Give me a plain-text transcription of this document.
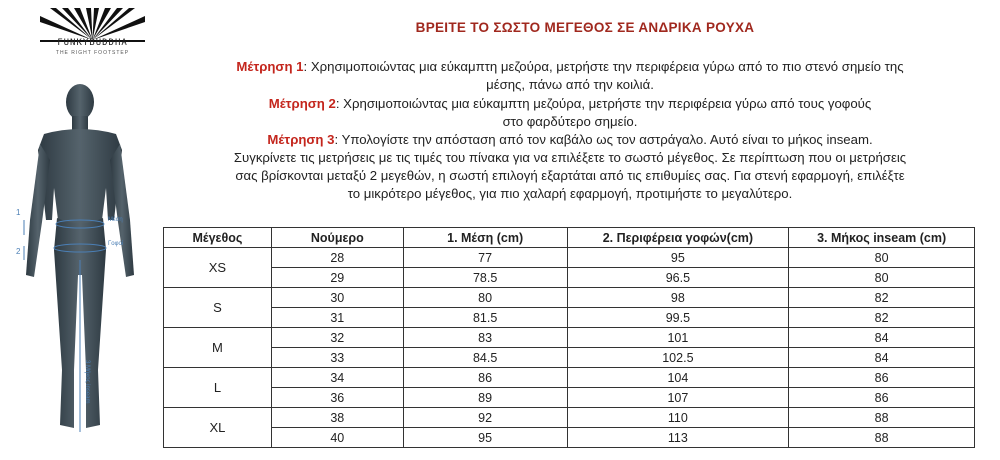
FUNKYBUDDHA
THE RIGHT FOOTSTEP
1
2
Μέση
Γοφοί
3 Μήκος inseam
ΒΡΕΙΤΕ ΤΟ ΣΩΣΤΟ ΜΕΓΕΘΟΣ ΣΕ ΑΝΔΡΙΚΑ ΡΟΥΧΑ
Μέτρηση 1: Χρησιμοποιώντας μια εύκαμπτη μεζούρα, μετρήστε την περιφέρεια γύρω από το πιο στενό σημείο της
μέσης, πάνω από την κοιλιά.
Μέτρηση 2: Χρησιμοποιώντας μια εύκαμπτη μεζούρα, μετρήστε την περιφέρεια γύρω από τους γοφούς
στο φαρδύτερο σημείο.
Μέτρηση 3: Υπολογίστε την απόσταση από τον καβάλο ως τον αστράγαλο. Αυτό είναι το μήκος inseam.
Συγκρίνετε τις μετρήσεις με τις τιμές του πίνακα για να επιλέξετε το σωστό μέγεθος. Σε περίπτωση που οι μετρήσεις
σας βρίσκονται μεταξύ 2 μεγεθών, η σωστή επιλογή εξαρτάται από τις επιθυμίες σας. Για στενή εφαρμογή, επιλέξτε
το μικρότερο μέγεθος, για πιο χαλαρή εφαρμογή, προτιμήστε το μεγαλύτερο.
Μέγεθος	Νούμερο	1. Μέση (cm)	2. Περιφέρεια γοφών(cm)	3. Μήκος inseam (cm)
XS	28	77	95	80
	29	78.5	96.5	80
S	30	80	98	82
	31	81.5	99.5	82
M	32	83	101	84
	33	84.5	102.5	84
L	34	86	104	86
	36	89	107	86
XL	38	92	110	88
	40	95	113	88
